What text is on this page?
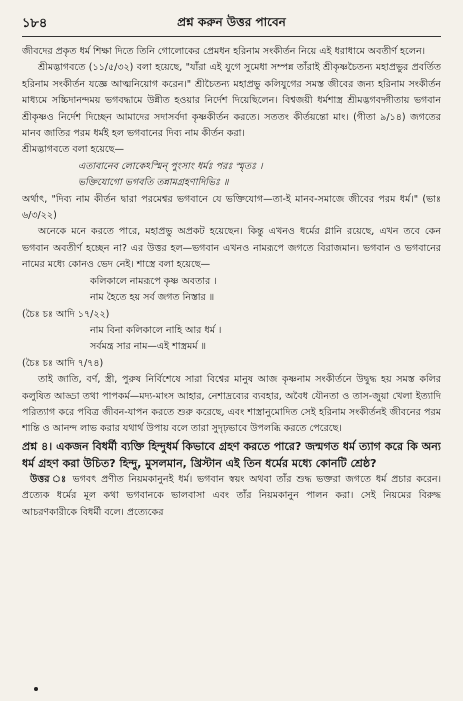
১৮৪	প্রশ্ন করুন উত্তর পাবেন

জীবদের প্রকৃত ধর্ম শিক্ষা দিতে তিনি গোলোকের প্রেমধন হরিনাম সংকীর্তন নিয়ে এই ধরাধামে অবতীর্ণ হলেন।

শ্রীমদ্ভাগবতে (১১/৫/৩২) বলা হয়েছে, "যাঁরা এই যুগে সুমেধা সম্পন্ন তাঁরাই শ্রীকৃষ্ণচৈতন্য মহাপ্রভুর প্রবর্তিত হরিনাম সংকীর্তন যজ্ঞে আত্মনিয়োগ করেন।" শ্রীচৈতন্য মহাপ্রভু কলিযুগের সমস্ত জীবের জন্য হরিনাম সংকীর্তন মাধ্যমে সচ্চিদানন্দময় ভগবদ্ধামে উন্নীত হওয়ার নির্দেশ দিয়েছিলেন। বিশ্বজয়ী ধর্মশাস্ত্র শ্রীমদ্ভগবদ্গীতায় ভগবান শ্রীকৃষ্ণও নির্দেশ দিচ্ছেন আমাদের সদাসর্বদা কৃষ্ণকীর্তন করতে। সততং কীর্তয়ন্তো মাং। (গীতা ৯/১৪) জগতের মানব জাতির পরম ধর্মই হল ভগবানের দিব্য নাম কীর্তন করা।

শ্রীমদ্ভাগবতে বলা হয়েছে—

এতাবানেব লোকেঽস্মিন্ পুংসাং ধর্মঃ পরঃ স্মৃতঃ ।

ভক্তিযোগো ভগবতি তন্নামগ্রহণাদিভিঃ ॥

অর্থাৎ, "দিব্য নাম কীর্তন দ্বারা পরমেশ্বর ভগবানে যে ভক্তিযোগ—তা-ই মানব-সমাজে জীবের পরম ধর্ম।" (ভাঃ ৬/৩/২২)

অনেকে মনে করতে পারে, মহাপ্রভু অপ্রকট হয়েছেন। কিন্তু এখনও ধর্মের গ্লানি রয়েছে, এখন তবে কেন ভগবান অবতীর্ণ হচ্ছেন না? এর উত্তর হল—ভগবান এখনও নামরূপে জগতে বিরাজমান। ভগবান ও ভগবানের নামের মধ্যে কোনও ভেদ নেই। শাস্ত্রে বলা হয়েছে—

কলিকালে নামরূপে কৃষ্ণ অবতার ।

নাম হৈতে হয় সর্ব জগত নিস্তার ॥

(চৈঃ চঃ আদি ১৭/২২)

নাম বিনা কলিকালে নাহি আর ধর্ম ।

সর্বমন্ত্র সার নাম—এই শাস্ত্রমর্ম ॥

(চৈঃ চঃ আদি ৭/৭৪)

তাই জাতি, বর্ণ, স্ত্রী, পুরুষ নির্বিশেষে সারা বিশ্বের মানুষ আজ কৃষ্ণনাম সংকীর্তনে উদ্বুদ্ধ হয় সমস্ত কলির কলুষিত আড্ডা তথা পাপকর্ম—মদ্য-মাংস আহার, নেশাদ্রব্যের ব্যবহার, অবৈধ যৌনতা ও তাস-জুয়া খেলা ইত্যাদি পরিত্যাগ করে পবিত্র জীবন-যাপন করতে শুরু করেছে, এবং শাস্ত্রানুমোদিত সেই হরিনাম সংকীর্তনই জীবনের পরম শান্তি ও আনন্দ লাভ করার যথার্থ উপায় বলে তারা সুদৃঢ়ভাবে উপলব্ধি করতে পেরেছে।

প্রশ্ন ৪। একজন বিধর্মী ব্যক্তি হিন্দুধর্ম কিভাবে গ্রহণ করতে পারে? জন্মগত ধর্ম ত্যাগ করে কি অন্য ধর্ম গ্রহণ করা উচিত? হিন্দু, মুসলমান, খ্রিস্টান এই তিন ধর্মের মধ্যে কোনটি শ্রেষ্ঠ?

উত্তর ঃ ভগবৎ প্রণীত নিয়মকানুনই ধর্ম। ভগবান স্বয়ং অথবা তাঁর শুদ্ধ ভক্তরা জগতে ধর্ম প্রচার করেন। প্রত্যেক ধর্মের মূল কথা ভগবানকে ভালবাসা এবং তাঁর নিয়মকানুন পালন করা। সেই নিয়মের বিরুদ্ধ আচরণকারীকে বিধর্মী বলে। প্রত্যেকের
